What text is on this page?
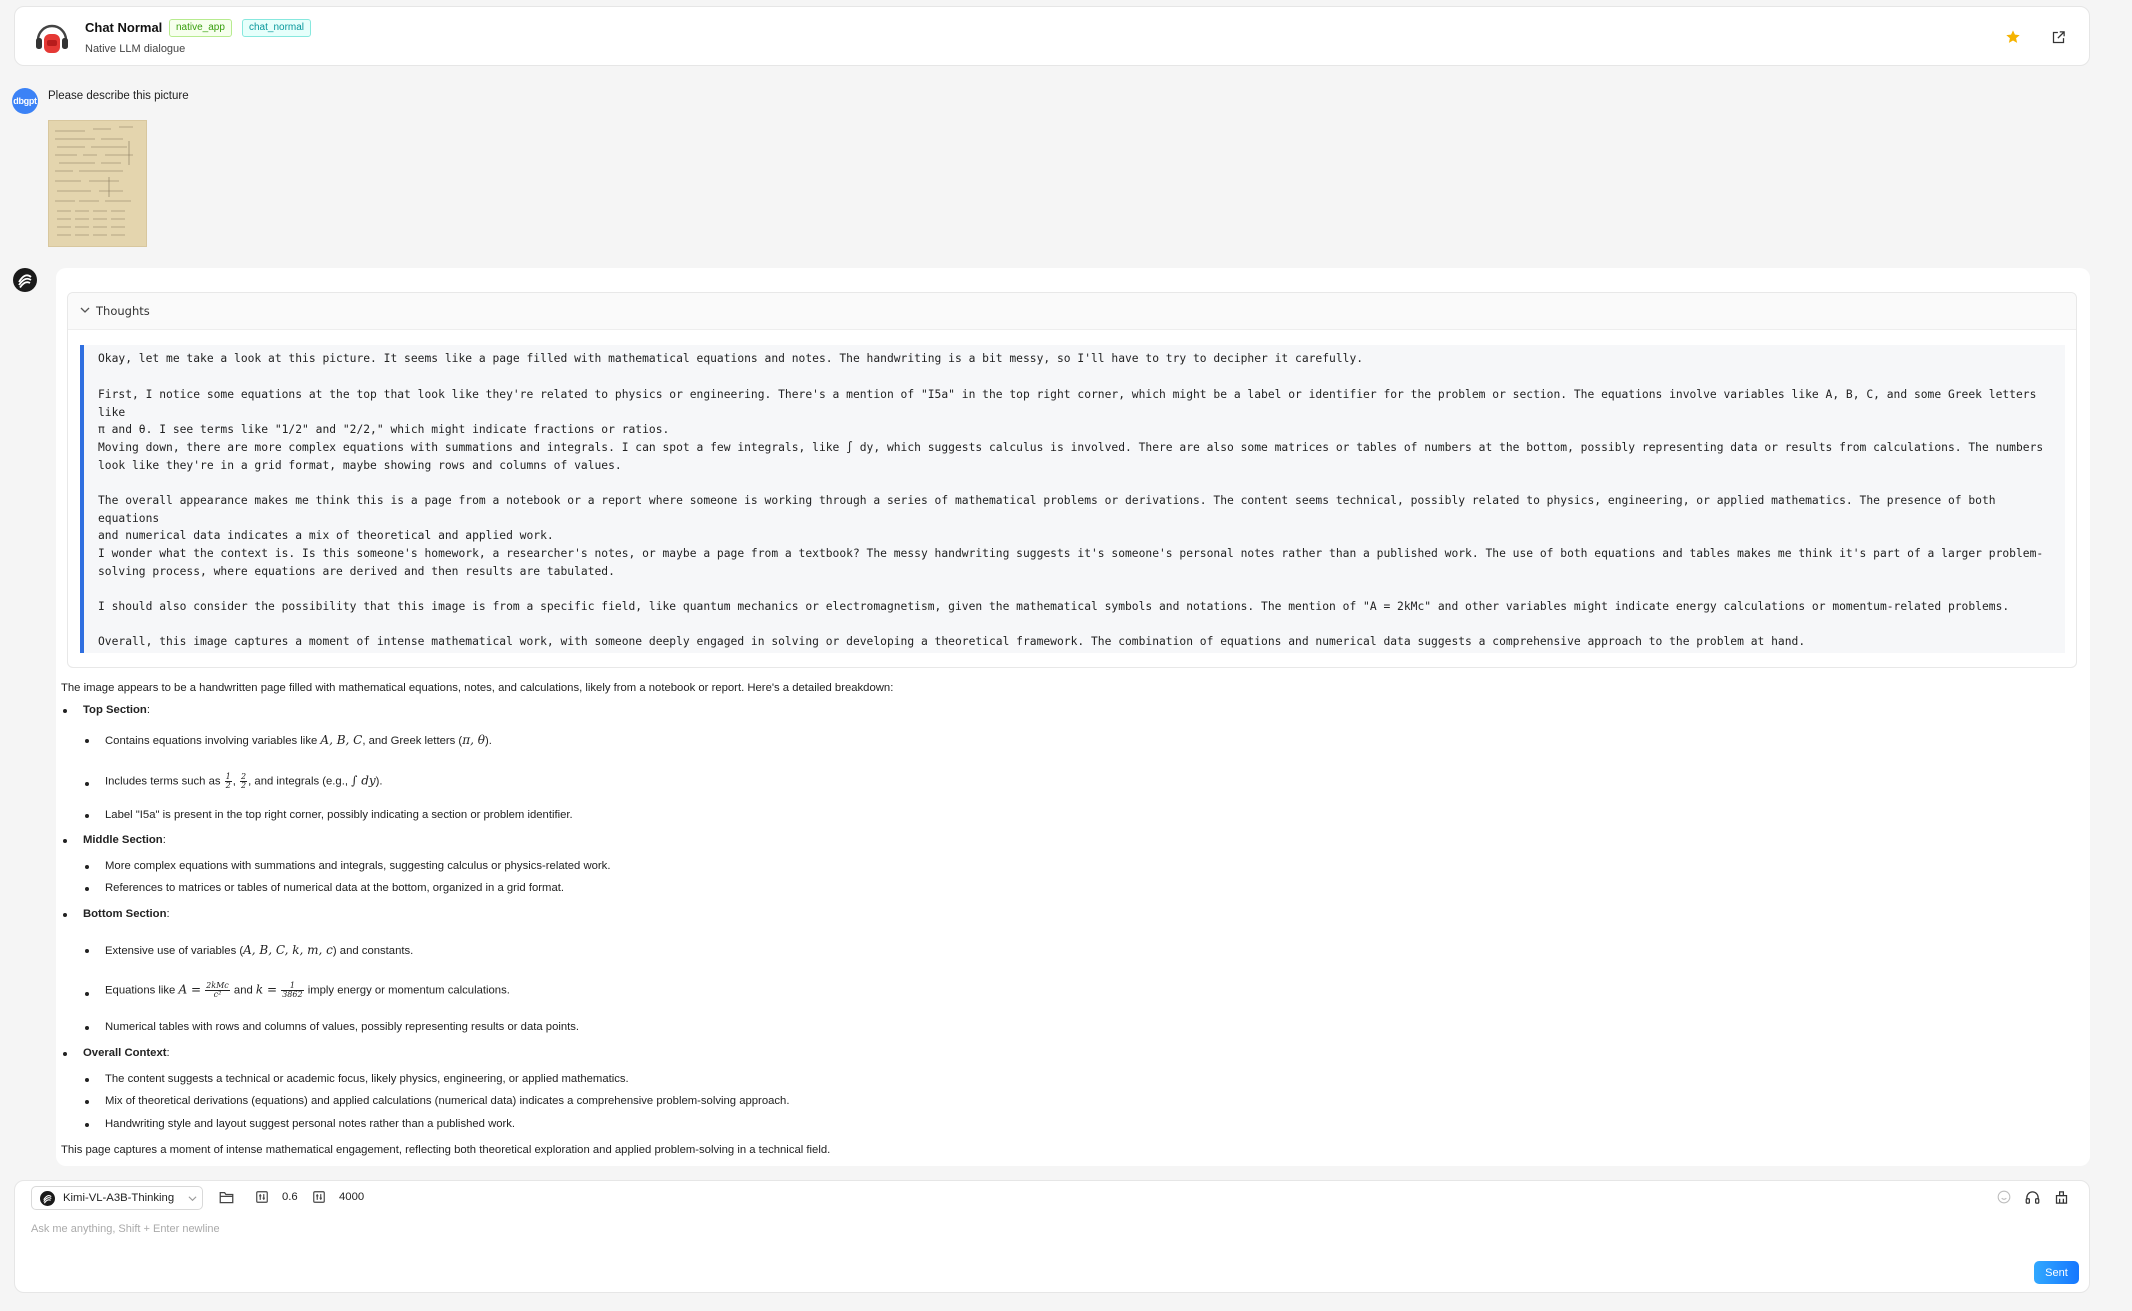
Chat Normal	native_app	chat_normal
Native LLM dialogue
dbgpt Please describe this picture
Thoughts

Okay, let me take a look at this picture. It seems like a page filled with mathematical equations and notes. The handwriting is a bit messy, so I'll have to try to decipher it carefully.

First, I notice some equations at the top that look like they're related to physics or engineering. There's a mention of "I5a" in the top right corner, which might be a label or identifier for the problem or section. The equations involve variables like A, B, C, and some Greek letters like
π and θ. I see terms like "1/2" and "2/2," which might indicate fractions or ratios.

Moving down, there are more complex equations with summations and integrals. I can spot a few integrals, like ∫ dy, which suggests calculus is involved. There are also some matrices or tables of numbers at the bottom, possibly representing data or results from calculations. The numbers
look like they're in a grid format, maybe showing rows and columns of values.

The overall appearance makes me think this is a page from a notebook or a report where someone is working through a series of mathematical problems or derivations. The content seems technical, possibly related to physics, engineering, or applied mathematics. The presence of both equations
and numerical data indicates a mix of theoretical and applied work.

I wonder what the context is. Is this someone's homework, a researcher's notes, or maybe a page from a textbook? The messy handwriting suggests it's someone's personal notes rather than a published work. The use of both equations and tables makes me think it's part of a larger problem-
solving process, where equations are derived and then results are tabulated.

I should also consider the possibility that this image is from a specific field, like quantum mechanics or electromagnetism, given the mathematical symbols and notations. The mention of "A = 2kMc" and other variables might indicate energy calculations or momentum-related problems.

Overall, this image captures a moment of intense mathematical work, with someone deeply engaged in solving or developing a theoretical framework. The combination of equations and numerical data suggests a comprehensive approach to the problem at hand.

The image appears to be a handwritten page filled with mathematical equations, notes, and calculations, likely from a notebook or report. Here's a detailed breakdown:
Top Section:
Contains equations involving variables like A, B, C, and Greek letters (π, θ).
Includes terms such as $\frac{1}{2}$ , $\frac{2}{2}$ , and integrals (e.g., ∫ dy).
Label "I5a" is present in the top right corner, possibly indicating a section or problem identifier.
Middle Section:
More complex equations with summations and integrals, suggesting calculus or physics-related work.
References to matrices or tables of numerical data at the bottom, organized in a grid format.
Bottom Section:
Extensive use of variables (A, B, C, k, m, c) and constants.
Equations like $A = \frac{\text{2kMc}}{\text{c²}}$ and $k = \frac{1}{3862}$ imply energy or momentum calculations.
Numerical tables with rows and columns of values, possibly representing results or data points.
Overall Context:
The content suggests a technical or academic focus, likely physics, engineering, or applied mathematics.
Mix of theoretical derivations (equations) and applied calculations (numerical data) indicates a comprehensive problem-solving approach.
Handwriting style and layout suggest personal notes rather than a published work.
This page captures a moment of intense mathematical engagement, reflecting both theoretical exploration and applied problem-solving in a technical field.
Kimi-VL-A3B-Thinking	0.6	4000
Ask me anything, Shift + Enter newline
Sent
